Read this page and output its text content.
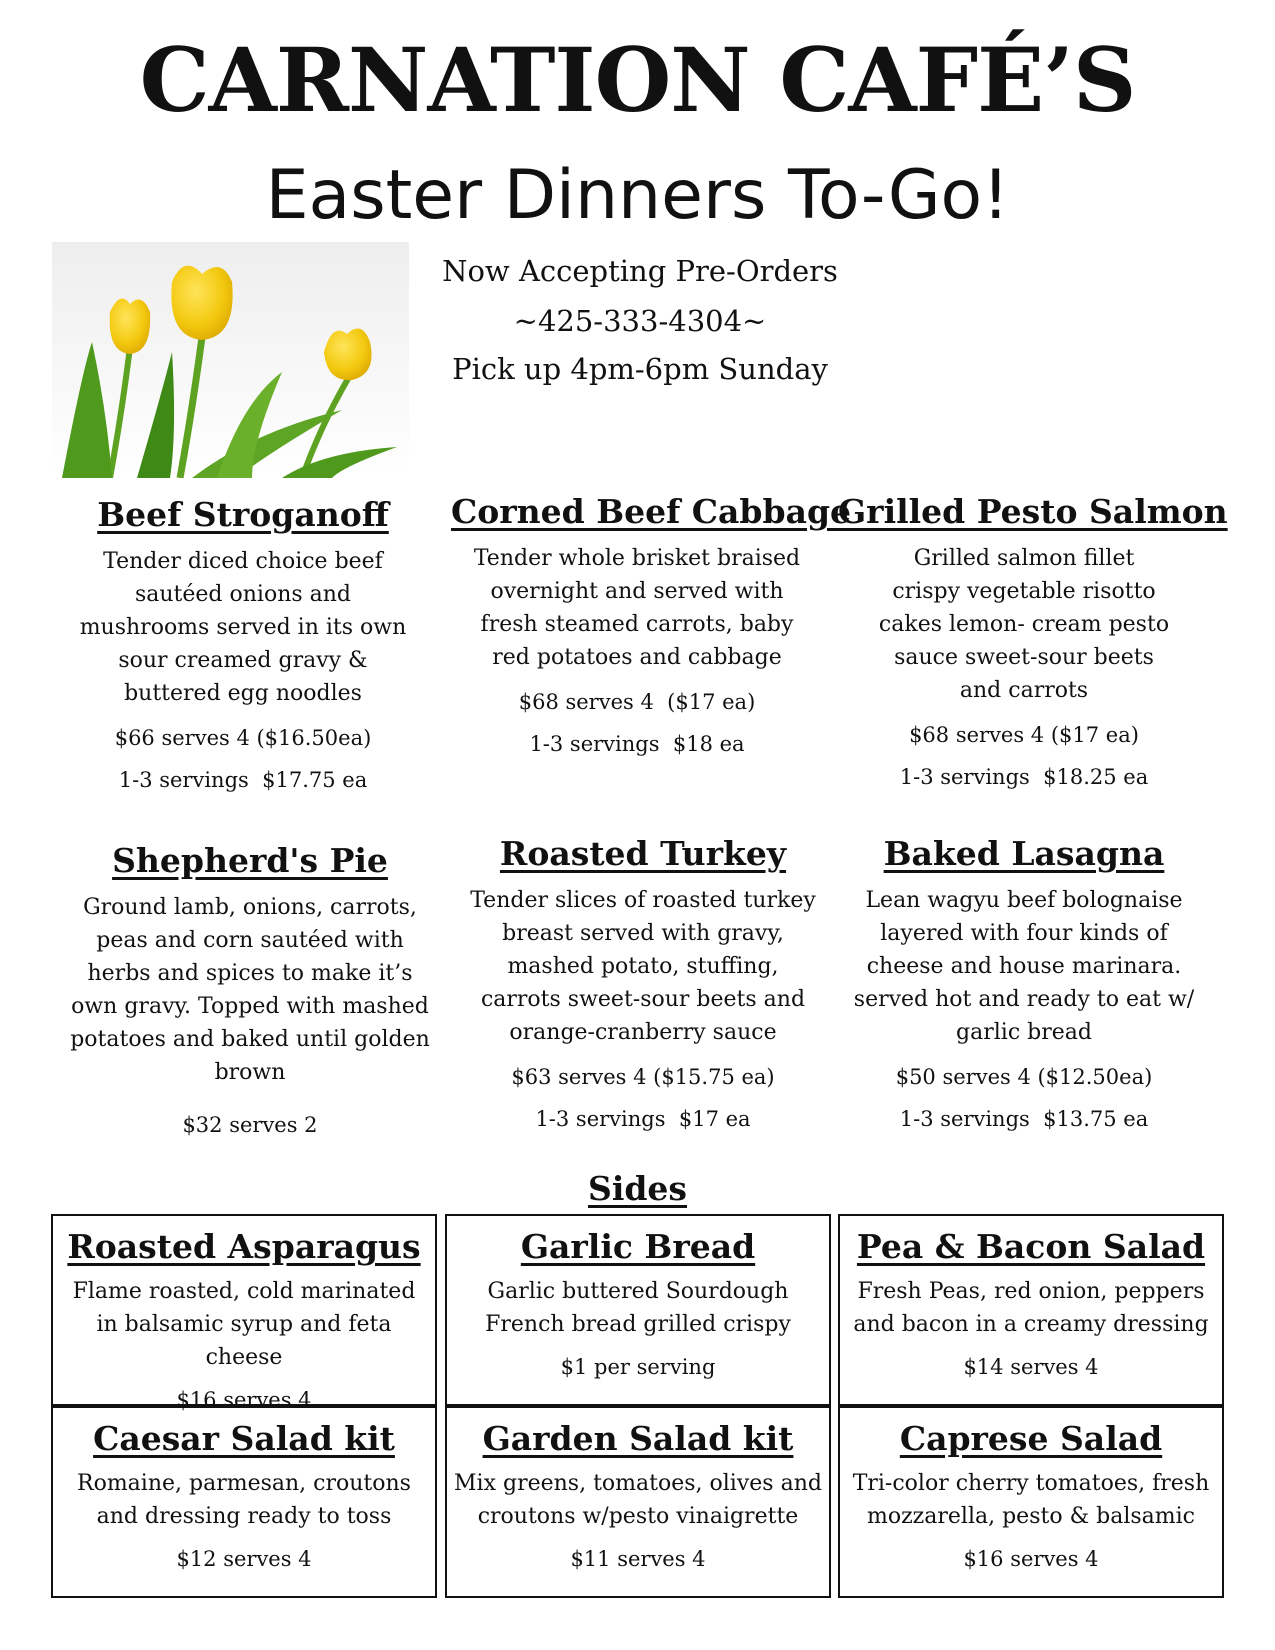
CARNATION CAFÉ’S
Easter Dinners To-Go!
Now Accepting Pre-Orders
~425-333-4304~
Pick up 4pm-6pm Sunday
Beef Stroganoff

Tender diced choice beef sautéed onions and mushrooms served in its own sour creamed gravy & buttered egg noodles

$66 serves 4 ($16.50ea)

1-3 servings  $17.75 ea

Corned Beef Cabbage

Tender whole brisket braised overnight and served with fresh steamed carrots, baby red potatoes and cabbage

$68 serves 4  ($17 ea)

1-3 servings  $18 ea

Grilled Pesto Salmon

Grilled salmon fillet crispy vegetable risotto cakes lemon- cream pesto sauce sweet-sour beets and carrots

$68 serves 4 ($17 ea)

1-3 servings  $18.25 ea

Shepherd's Pie

Ground lamb, onions, carrots, peas and corn sautéed with herbs and spices to make it’s own gravy. Topped with mashed potatoes and baked until golden brown

$32 serves 2

Roasted Turkey

Tender slices of roasted turkey breast served with gravy, mashed potato, stuffing, carrots sweet-sour beets and orange-cranberry sauce

$63 serves 4 ($15.75 ea)

1-3 servings  $17 ea

Baked Lasagna

Lean wagyu beef bolognaise layered with four kinds of cheese and house marinara. served hot and ready to eat w/ garlic bread

$50 serves 4 ($12.50ea)

1-3 servings  $13.75 ea

Sides
Roasted Asparagus

Flame roasted, cold marinated in balsamic syrup and feta cheese

$16 serves 4

Garlic Bread

Garlic buttered Sourdough French bread grilled crispy

$1 per serving

Pea & Bacon Salad

Fresh Peas, red onion, peppers and bacon in a creamy dressing

$14 serves 4

Caesar Salad kit

Romaine, parmesan, croutons and dressing ready to toss

$12 serves 4

Garden Salad kit

Mix greens, tomatoes, olives and croutons w/pesto vinaigrette

$11 serves 4

Caprese Salad

Tri-color cherry tomatoes, fresh mozzarella, pesto & balsamic

$16 serves 4
